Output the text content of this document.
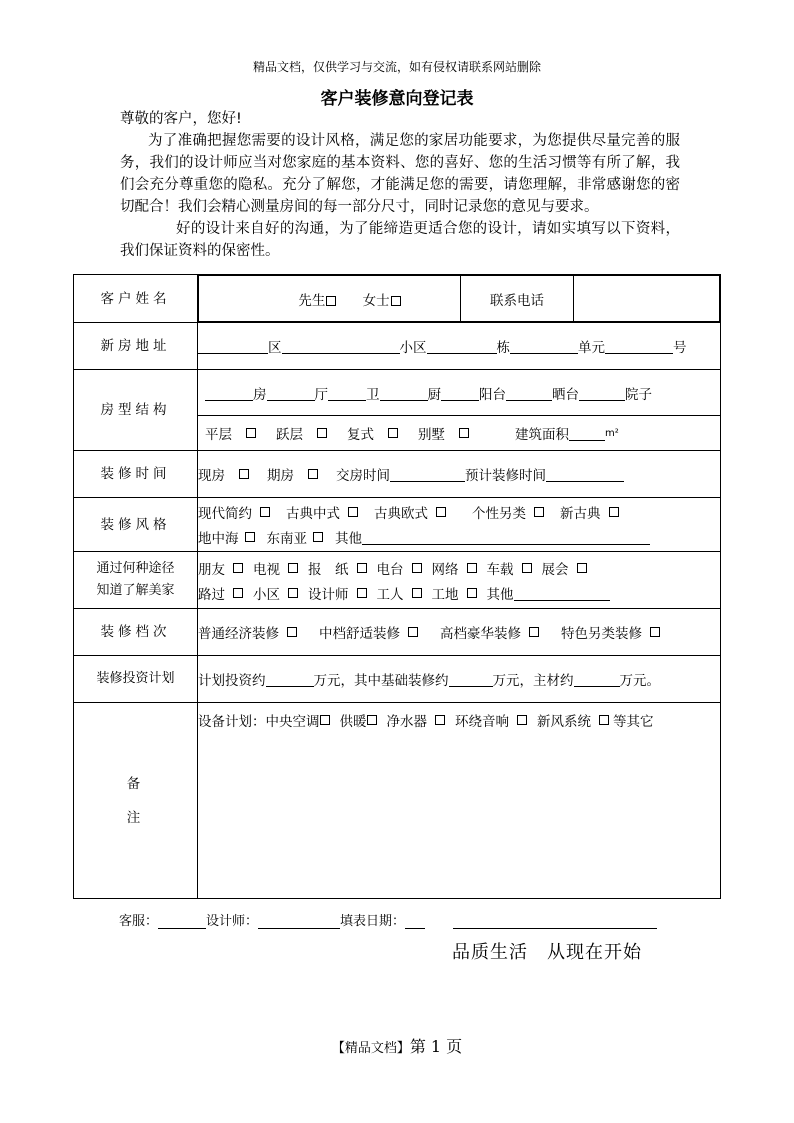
精品文档，仅供学习与交流，如有侵权请联系网站删除
客户装修意向登记表
尊敬的客户，您好!
为了准确把握您需要的设计风格，满足您的家居功能要求，为您提供尽量完善的服务，我们的设计师应当对您家庭的基本资料、您的喜好、您的生活习惯等有所了解，我们会充分尊重您的隐私。充分了解您，才能满足您的需要，请您理解，非常感谢您的密切配合！我们会精心测量房间的每一部分尺寸，同时记录您的意见与要求。
好的设计来自好的沟通，为了能缔造更适合您的设计，请如实填写以下资料，我们保证资料的保密性。
客户姓名		先生	女士	联系电话	

新房地址	区	小区	栋	单元	号

房型结构	
房	厅	卫	厨	阳台	晒台	院子
平层	跃层	复式	别墅	建筑面积	m²

装修时间	现房	期房	交房时间	预计装修时间

装修风格	
现代简约	古典中式	古典欧式	个性另类	新古典
地中海 东南亚 其他

通过何种途径
知道了解美家

朋友 电视 报　纸 电台 网络 车载 展会
路过 小区 设计师 工人 工地 其他

装修档次	普通经济装修	中档舒适装修	高档豪华装修	特色另类装修

装修投资计划	计划投资约	万元，其中基础装修约	万元，主材约	万元。

备
注

设备计划： 中央空调 供暖 净水器 环绕音响 新风系统 等其它
客服：	设计师：	填表日期：
品质生活　从现在开始
【精品文档】第 1 页
